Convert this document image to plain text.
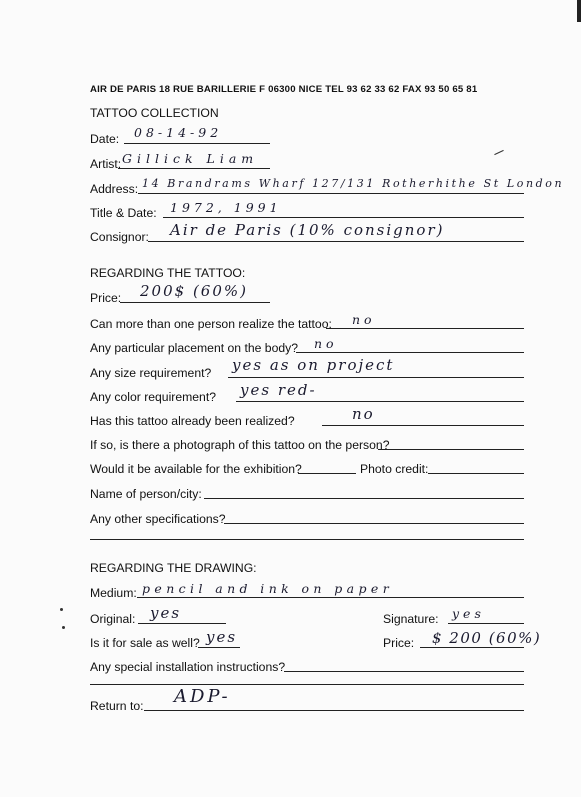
AIR DE PARIS 18 RUE BARILLERIE F 06300 NICE TEL 93 62 33 62 FAX 93 50 65 81
TATTOO COLLECTION
Date: 08-14-92
Artist: Gillick Liam
Address: 14 Brandrams Wharf 127/131 Rotherhithe St London
Title & Date: 1972, 1991
Consignor: Air de Paris (10% consignor)
REGARDING THE TATTOO:
Price: 200$ (60%)
Can more than one person realize the tattoo: no
Any particular placement on the body? no
Any size requirement? yes as on project
Any color requirement? yes red-
Has this tattoo already been realized?	no
If so, is there a photograph of this tattoo on the person?
Would it be available for the exhibition?	Photo credit:
Name of person/city:
Any other specifications?
REGARDING THE DRAWING:
Medium: pencil and ink on paper
Original: yes	Signature: yes
Is it for sale as well? yes	Price: $ 200 (60%)
Any special installation instructions?
Return to: ADP-
